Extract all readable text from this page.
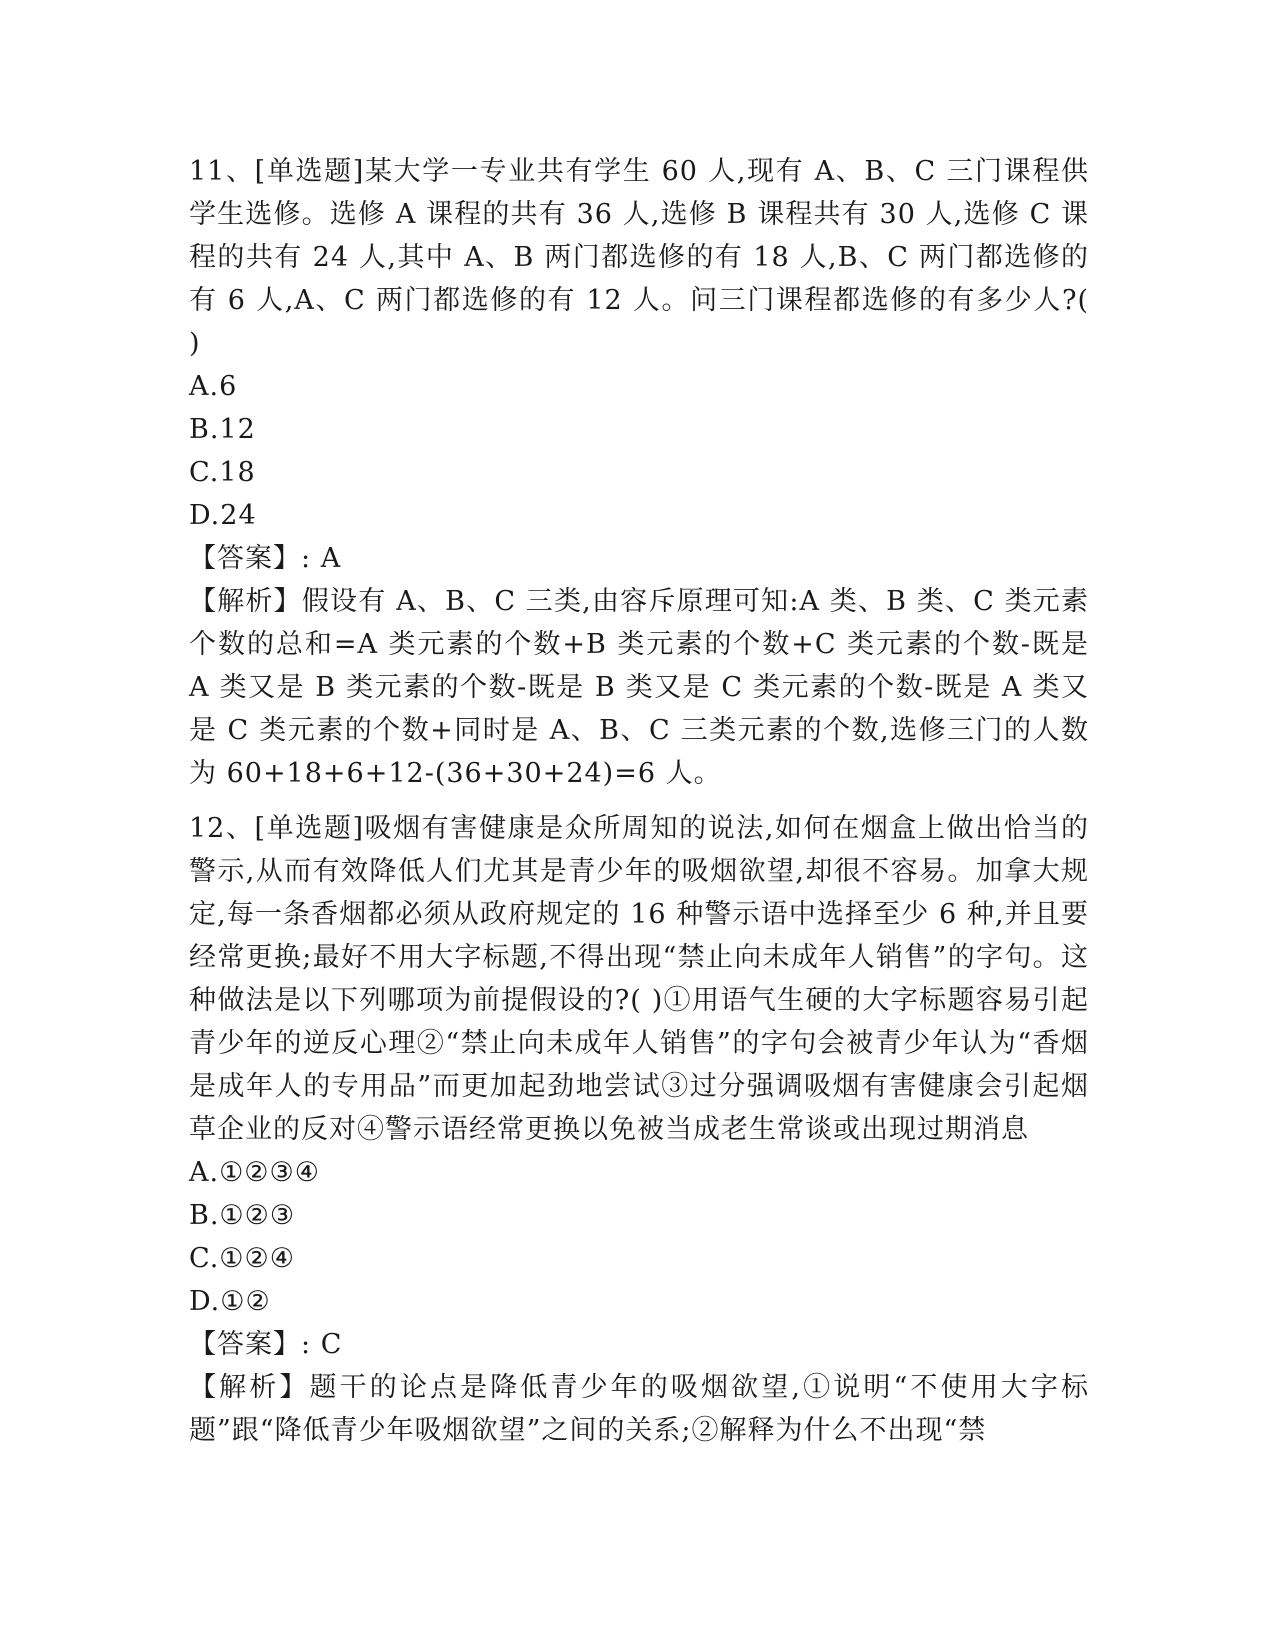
11、[单选题]某大学一专业共有学生 60 人,现有 A、B、C 三门课程供学生选修。选修 A 课程的共有 36 人,选修 B 课程共有 30 人,选修 C 课程的共有 24 人,其中 A、B 两门都选修的有 18 人,B、C 两门都选修的有 6 人,A、C 两门都选修的有 12 人。问三门课程都选修的有多少人?( )

A.6

B.12

C.18

D.24

【答案】: A

【解析】假设有 A、B、C 三类,由容斥原理可知:A 类、B 类、C 类元素个数的总和=A 类元素的个数+B 类元素的个数+C 类元素的个数-既是 A 类又是 B 类元素的个数-既是 B 类又是 C 类元素的个数-既是 A 类又是 C 类元素的个数+同时是 A、B、C 三类元素的个数,选修三门的人数为 60+18+6+12-(36+30+24)=6 人。

12、[单选题]吸烟有害健康是众所周知的说法,如何在烟盒上做出恰当的警示,从而有效降低人们尤其是青少年的吸烟欲望,却很不容易。加拿大规定,每一条香烟都必须从政府规定的 16 种警示语中选择至少 6 种,并且要经常更换;最好不用大字标题,不得出现“禁止向未成年人销售”的字句。这种做法是以下列哪项为前提假设的?( )①用语气生硬的大字标题容易引起青少年的逆反心理②“禁止向未成年人销售”的字句会被青少年认为“香烟是成年人的专用品”而更加起劲地尝试③过分强调吸烟有害健康会引起烟草企业的反对④警示语经常更换以免被当成老生常谈或出现过期消息

A.①②③④

B.①②③

C.①②④

D.①②

【答案】: C

【解析】题干的论点是降低青少年的吸烟欲望,①说明“不使用大字标题”跟“降低青少年吸烟欲望”之间的关系;②解释为什么不出现“禁
